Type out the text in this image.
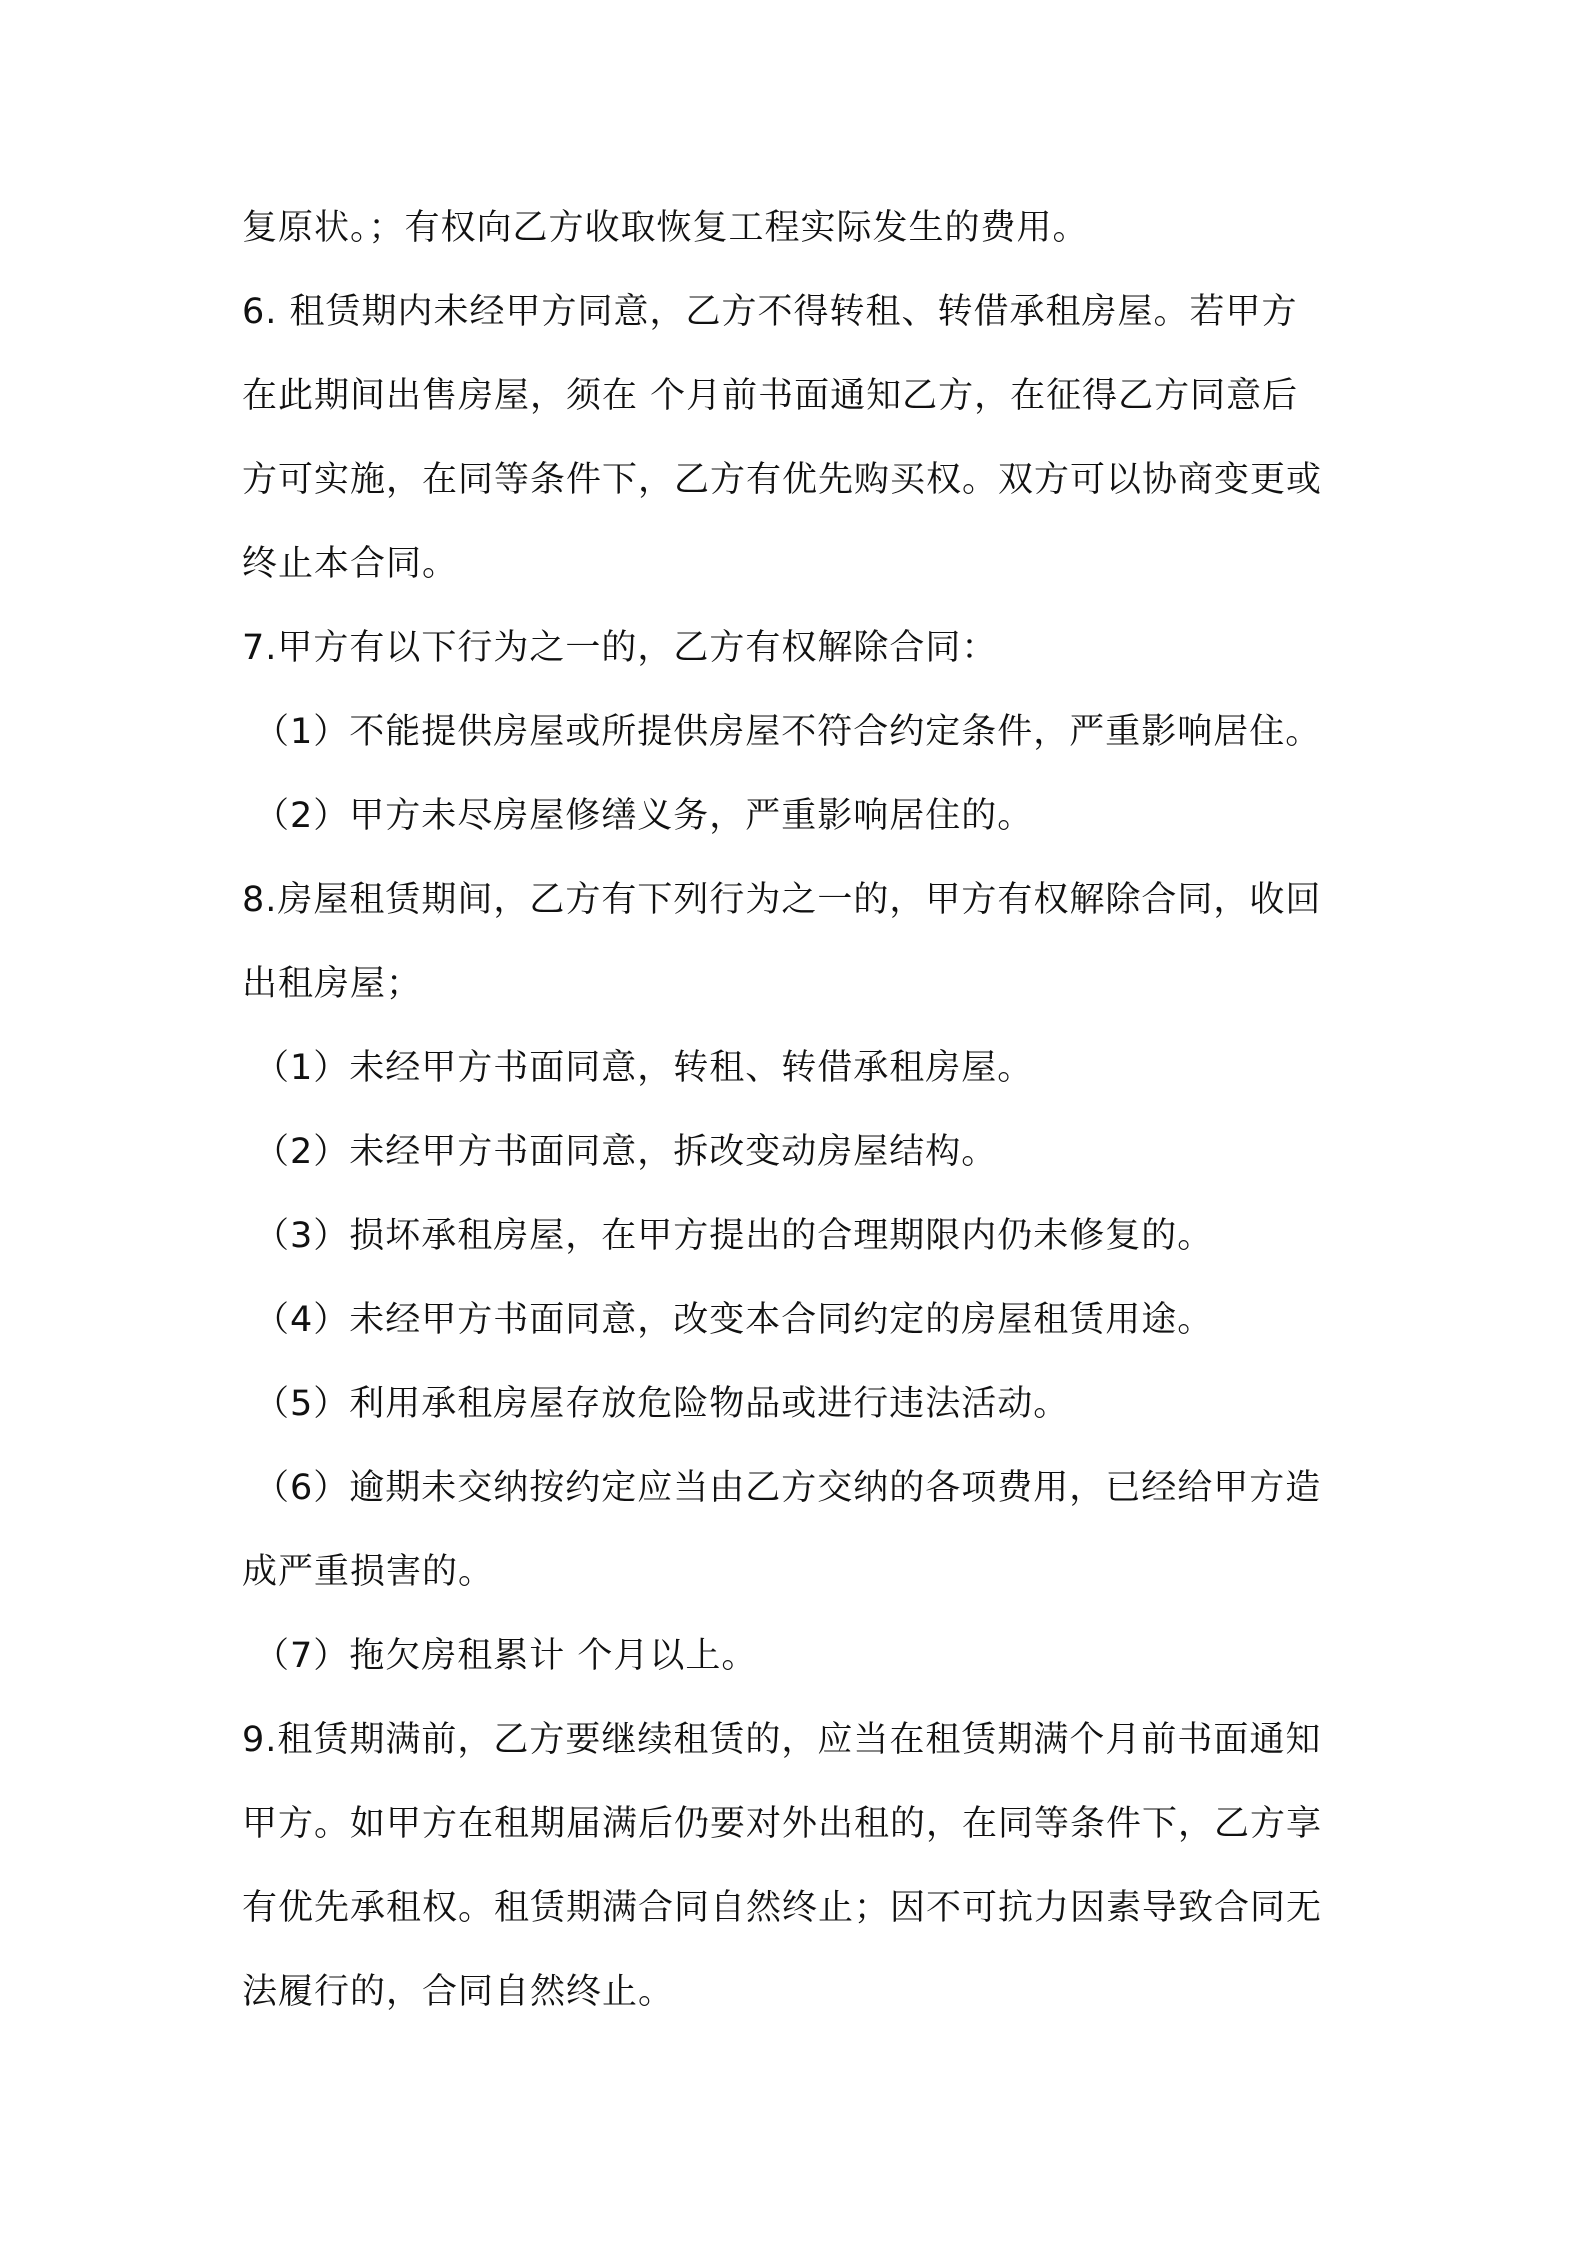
复原状。；有权向乙方收取恢复工程实际发生的费用。
6. 租赁期内未经甲方同意，乙方不得转租、转借承租房屋。若甲方
在此期间出售房屋，须在 个月前书面通知乙方，在征得乙方同意后
方可实施，在同等条件下，乙方有优先购买权。双方可以协商变更或
终止本合同。
7.甲方有以下行为之一的，乙方有权解除合同：
（1）不能提供房屋或所提供房屋不符合约定条件，严重影响居住。
（2）甲方未尽房屋修缮义务，严重影响居住的。
8.房屋租赁期间，乙方有下列行为之一的，甲方有权解除合同，收回
出租房屋；
（1）未经甲方书面同意，转租、转借承租房屋。
（2）未经甲方书面同意，拆改变动房屋结构。
（3）损坏承租房屋，在甲方提出的合理期限内仍未修复的。
（4）未经甲方书面同意，改变本合同约定的房屋租赁用途。
（5）利用承租房屋存放危险物品或进行违法活动。
（6）逾期未交纳按约定应当由乙方交纳的各项费用，已经给甲方造
成严重损害的。
（7）拖欠房租累计 个月以上。
9.租赁期满前，乙方要继续租赁的，应当在租赁期满个月前书面通知
甲方。如甲方在租期届满后仍要对外出租的，在同等条件下，乙方享
有优先承租权。租赁期满合同自然终止；因不可抗力因素导致合同无
法履行的，合同自然终止。
